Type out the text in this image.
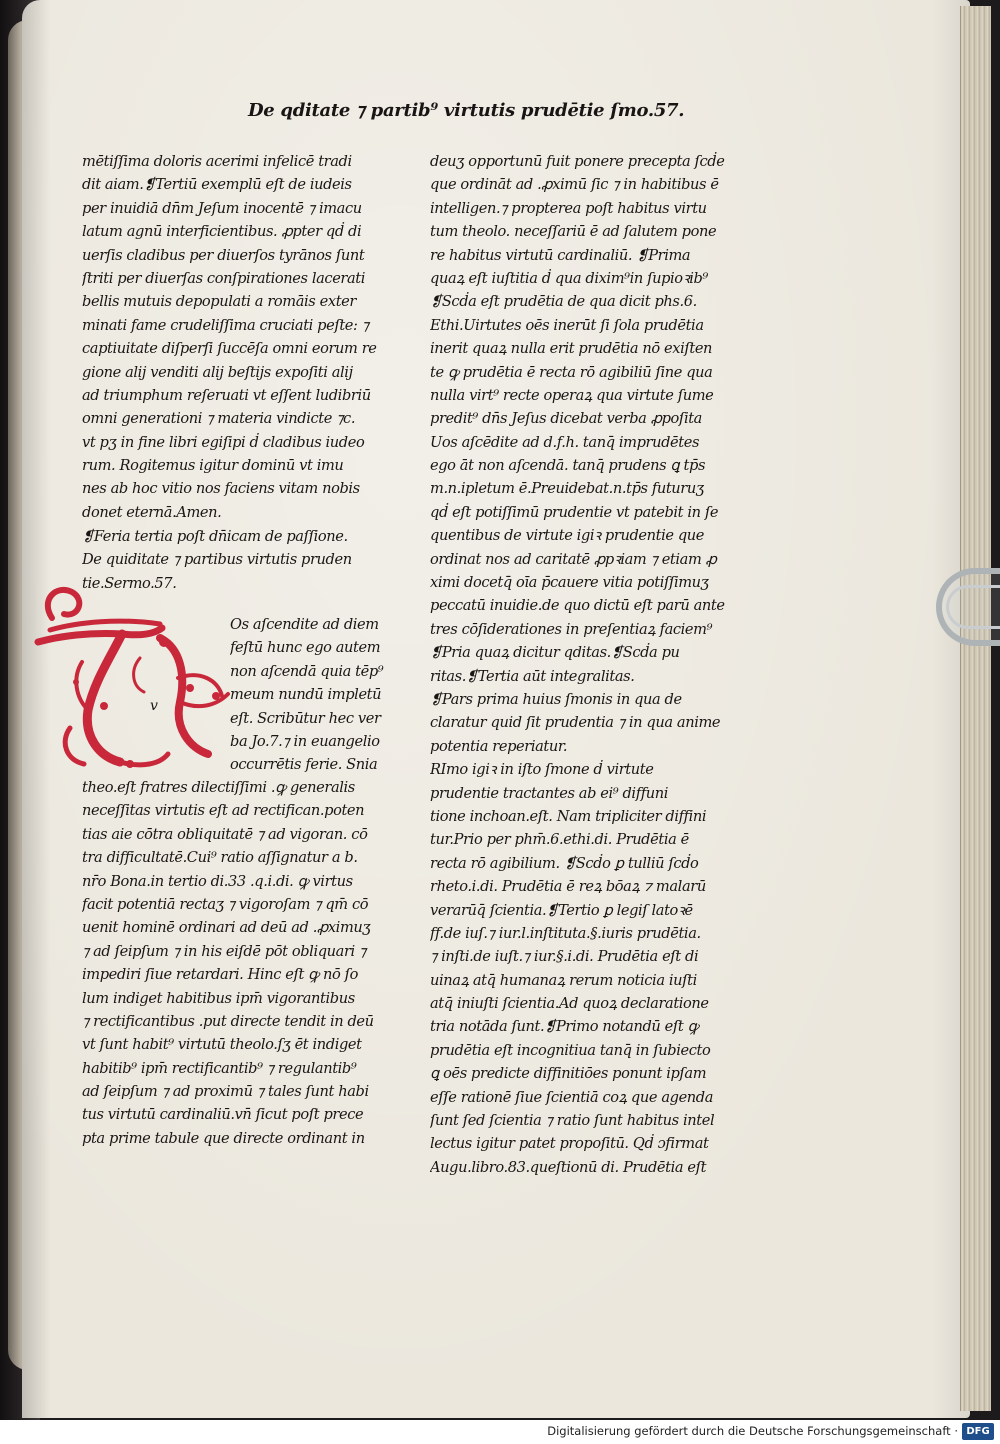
De qditate ⁊ partib⁹ virtutis prudētie ſmo.57.
mētiſſima doloris acerimi infelicē tradi
dit aiam.❡Tertiū exemplū eſt de iudeis
per inuidiā dn̄m Jeſum inocentē ⁊ imacu
latum agnū interficientibus. ꝓpter qḋ di
uerſis cladibus per diuerſos tyrānos ſunt
ſtriti per diuerſas conſpirationes lacerati
bellis mutuis depopulati a romāis exter
minati fame crudeliſſima cruciati peſte: ⁊
captiuitate diſperſi ſuccēſa omni eorum re
gione alij venditi alij beſtijs expoſiti alij
ad triumphum reſeruati vt eſſent ludibriū
omni generationi ⁊ materia vindicte ⁊c.
vt pʒ in fine libri egiſipi ḋ cladibus iudeo
rum. Rogitemus igitur dominū vt imu
nes ab hoc vitio nos faciens vitam nobis
donet eternā.Amen.
❡Feria tertia poſt dn̄icam de paſſione.
De quiditate ⁊ partibus virtutis pruden
tie.Sermo.57.
Os aſcendite ad diem
feſtū hunc ego autem
non aſcendā quia tēp⁹
meum nundū impletū
eſt. Scribūtur hec ver
ba Jo.7.⁊ in euangelio
occurrētis ferie. Snia
theo.eſt fratres dilectiſſimi .ꝙ generalis
neceſſitas virtutis eſt ad rectifican.poten
tias aie cōtra obliquitatē ⁊ ad vigoran. cō
tra difficultatē.Cui⁹ ratio aſſignatur a b.
nr̄o Bona.in tertio di.33 .q.i.di. ꝙ virtus
facit potentiā rectaʒ ⁊ vigoroſam ⁊ qm̄ cō
uenit hominē ordinari ad deū ad .ꝓximuʒ
⁊ ad ſeipſum ⁊ in his eiſdē pōt obliquari ⁊
impediri ſiue retardari. Hinc eſt ꝙ nō ſo
lum indiget habitibus ipm̄ vigorantibus
⁊ rectificantibus .put directe tendit in deū
vt ſunt habit⁹ virtutū theolo.ſʒ ēt indiget
habitib⁹ ipm̄ rectificantib⁹ ⁊ regulantib⁹
ad ſeipſum ⁊ ad proximū ⁊ tales ſunt habi
tus virtutū cardinaliū.vn̄ ſicut poſt prece
pta prime tabule que directe ordinant in
deuʒ opportunū fuit ponere precepta ſcḋe
que ordināt ad .ꝓximū ſic ⁊ in habitibus ē
intelligen.⁊ propterea poſt habitus virtu
tum theolo. neceſſariū ē ad ſalutem pone
re habitus virtutū cardinaliū. ❡Prima
quaꝝ eſt iuſtitia ḋ qua dixim⁹in ſupioꝛib⁹
❡Scḋa eſt prudētia de qua dicit phs.6.
Ethi.Uirtutes oēs inerūt ſi ſola prudētia
inerit quaꝝ nulla erit prudētia nō exiſten
te ꝙ prudētia ē recta rō agibiliū ſine qua
nulla virt⁹ recte operaꝝ qua virtute ſume
predit⁹ dn̄s Jeſus dicebat verba ꝓpoſita
Uos aſcēdite ad d.f.h. tanq̄ imprudētes
ego āt non aſcendā. tanq̄ prudens ꝗ tp̄s
m.n.ipletum ē.Preuidebat.n.tp̄s futuruʒ
qḋ eſt potiſſimū prudentie vt patebit in ſe
quentibus de virtute igiꝛ prudentie que
ordinat nos ad caritatē ꝓpꝛiam ⁊ etiam ꝓ
ximi docetq̄ oīa p̄cauere vitia potiſſimuʒ
peccatū inuidie.de quo dictū eſt parū ante
tres cōſiderationes in preſentiaꝝ faciem⁹
❡Pria quaꝝ dicitur qditas.❡Scḋa pu
ritas.❡Tertia aūt integralitas.
❡Pars prima huius ſmonis in qua de
claratur quid ſit prudentia ⁊ in qua anime
potentia reperiatur.
RImo igiꝛ in iſto ſmone ḋ virtute
prudentie tractantes ab ei⁹ diffuni
tione inchoan.eſt. Nam tripliciter diffini
tur.Prio per phm̄.6.ethi.di. Prudētia ē
recta rō agibilium. ❡Scḋo ꝑ tulliū ſcḋo
rheto.i.di. Prudētia ē reꝝ bōaꝝ ⁊ malarū
verarūq̄ ſcientia.❡Tertio ꝑ legiſ latoꝛē
ff.de iuſ.⁊ iur.l.inſtituta.§.iuris prudētia.
⁊ inſti.de iuſt.⁊ iur.§.i.di. Prudētia eſt di
uinaꝝ atq̄ humanaꝝ rerum noticia iuſti
atq̄ iniuſti ſcientia.Ad quoꝝ declaratione
tria notāda ſunt.❡Primo notandū eſt ꝙ
prudētia eſt incognitiua tanq̄ in ſubiecto
ꝗ oēs predicte diffinitiōes ponunt ipſam
eſſe rationē ſiue ſcientiā coꝝ que agenda
ſunt ſed ſcientia ⁊ ratio ſunt habitus intel
lectus igitur patet propoſitū. Qḋ ɔfirmat
Augu.libro.83.queſtionū di. Prudētia eſt
v
Digitalisierung gefördert durch die Deutsche Forschungsgemeinschaft · DFG
